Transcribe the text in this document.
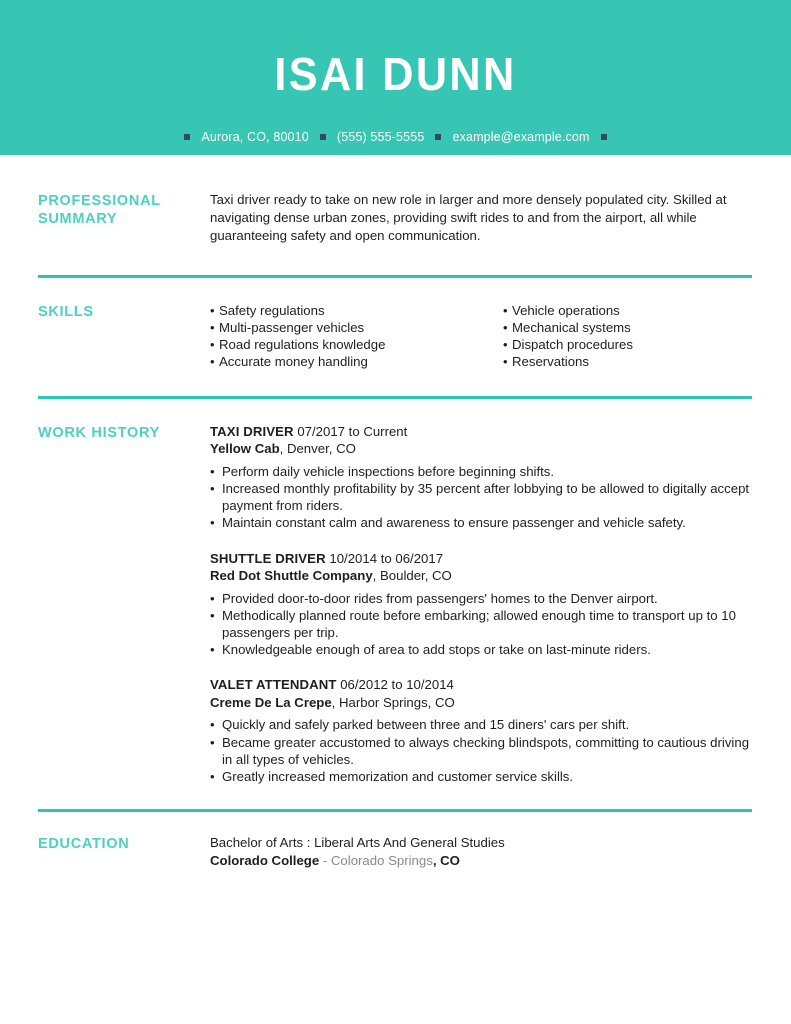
ISAI DUNN
Aurora, CO, 80010 (555) 555-5555 example@example.com
PROFESSIONAL
SUMMARY
Taxi driver ready to take on new role in larger and more densely populated city. Skilled at navigating dense urban zones, providing swift rides to and from the airport, all while guaranteeing safety and open communication.
SKILLS	• Safety regulations
• Multi-passenger vehicles
• Road regulations knowledge
• Accurate money handling
• Vehicle operations
• Mechanical systems
• Dispatch procedures
• Reservations
WORK HISTORY	TAXI DRIVER 07/2017 to Current
Yellow Cab, Denver, CO
• Perform daily vehicle inspections before beginning shifts.
• Increased monthly profitability by 35 percent after lobbying to be allowed to digitally accept payment from riders.
• Maintain constant calm and awareness to ensure passenger and vehicle safety.
SHUTTLE DRIVER 10/2014 to 06/2017
Red Dot Shuttle Company, Boulder, CO
• Provided door-to-door rides from passengers' homes to the Denver airport.
• Methodically planned route before embarking; allowed enough time to transport up to 10 passengers per trip.
• Knowledgeable enough of area to add stops or take on last-minute riders.
VALET ATTENDANT 06/2012 to 10/2014
Creme De La Crepe, Harbor Springs, CO
• Quickly and safely parked between three and 15 diners' cars per shift.
• Became greater accustomed to always checking blindspots, committing to cautious driving in all types of vehicles.
• Greatly increased memorization and customer service skills.
EDUCATION	Bachelor of Arts : Liberal Arts And General Studies
Colorado College - Colorado Springs, CO
